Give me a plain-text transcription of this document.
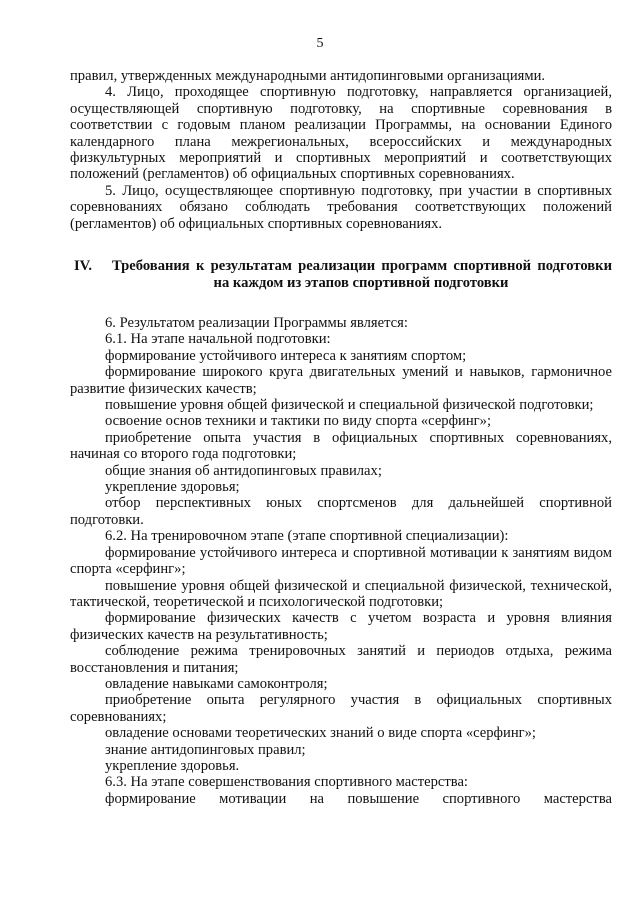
5

правил, утвержденных международными антидопинговыми организациями.

4. Лицо, проходящее спортивную подготовку, направляется организацией, осуществляющей спортивную подготовку, на спортивные соревнования в соответствии с годовым планом реализации Программы, на основании Единого календарного плана межрегиональных, всероссийских и международных физкультурных мероприятий и спортивных мероприятий и соответствующих положений (регламентов) об официальных спортивных соревнованиях.

5. Лицо, осуществляющее спортивную подготовку, при участии в спортивных соревнованиях обязано соблюдать требования соответствующих положений (регламентов) об официальных спортивных соревнованиях.

IV. Требования к результатам реализации программ спортивной подготовки

на каждом из этапов спортивной подготовки

6. Результатом реализации Программы является:

6.1. На этапе начальной подготовки:

формирование устойчивого интереса к занятиям спортом;

формирование широкого круга двигательных умений и навыков, гармоничное развитие физических качеств;

повышение уровня общей физической и специальной физической подготовки;

освоение основ техники и тактики по виду спорта «серфинг»;

приобретение опыта участия в официальных спортивных соревнованиях, начиная со второго года подготовки;

общие знания об антидопинговых правилах;

укрепление здоровья;

отбор перспективных юных спортсменов для дальнейшей спортивной подготовки.

6.2. На тренировочном этапе (этапе спортивной специализации):

формирование устойчивого интереса и спортивной мотивации к занятиям видом спорта «серфинг»;

повышение уровня общей физической и специальной физической, технической, тактической, теоретической и психологической подготовки;

формирование физических качеств с учетом возраста и уровня влияния физических качеств на результативность;

соблюдение режима тренировочных занятий и периодов отдыха, режима восстановления и питания;

овладение навыками самоконтроля;

приобретение опыта регулярного участия в официальных спортивных соревнованиях;

овладение основами теоретических знаний о виде спорта «серфинг»;

знание антидопинговых правил;

укрепление здоровья.

6.3. На этапе совершенствования спортивного мастерства:

формирование мотивации на повышение спортивного мастерства
